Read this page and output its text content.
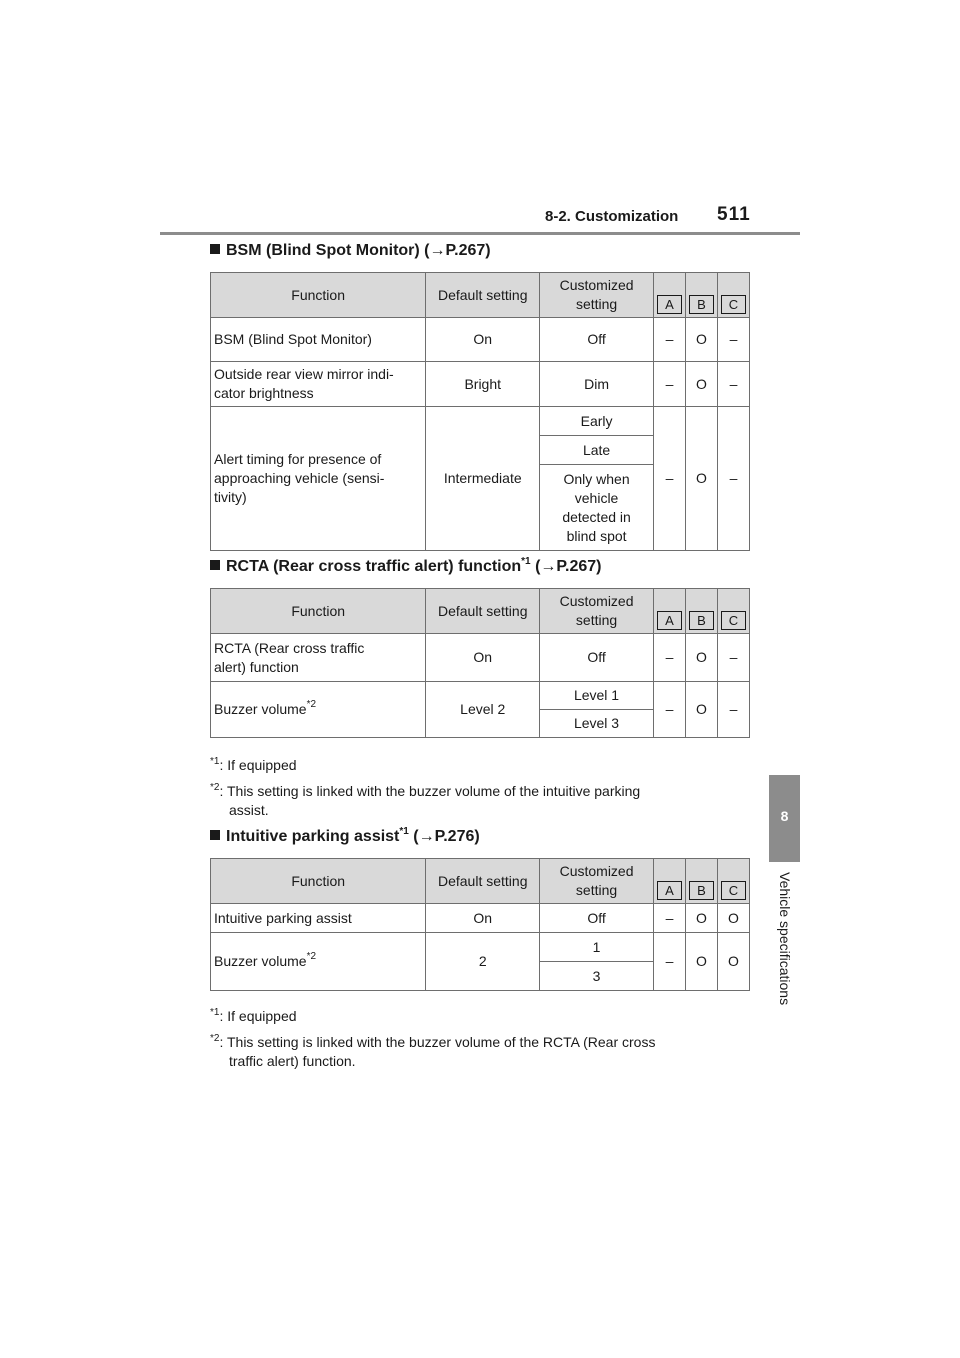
8-2. Customization 511
8
Vehicle specifications
BSM (Blind Spot Monitor) (→P.267)
Function	Default setting	Customized setting	A	B	C
BSM (Blind Spot Monitor)	On	Off	–	O	–
Outside rear view mirror indi-
cator brightness	Bright	Dim	–	O	–
Alert timing for presence of
approaching vehicle (sensi-
tivity)	Intermediate	Early	–	O	–
		Late			
		Only when
vehicle
detected in
blind spot			
RCTA (Rear cross traffic alert) function$^{*1}$ (→P.267)
Function	Default setting	Customized setting	A	B	C
RCTA (Rear cross traffic
alert) function	On	Off	–	O	–
Buzzer volume$^{*2}$	Level 2	Level 1	–	O	–
		Level 3			
$^{*1}$: If equipped
$^{*2}$: This setting is linked with the buzzer volume of the intuitive parking
assist.
Intuitive parking assist$^{*1}$ (→P.276)
Function	Default setting	Customized setting	A	B	C
Intuitive parking assist	On	Off	–	O	O
Buzzer volume$^{*2}$	2	1	–	O	O
		3			
$^{*1}$: If equipped
$^{*2}$: This setting is linked with the buzzer volume of the RCTA (Rear cross
traffic alert) function.
